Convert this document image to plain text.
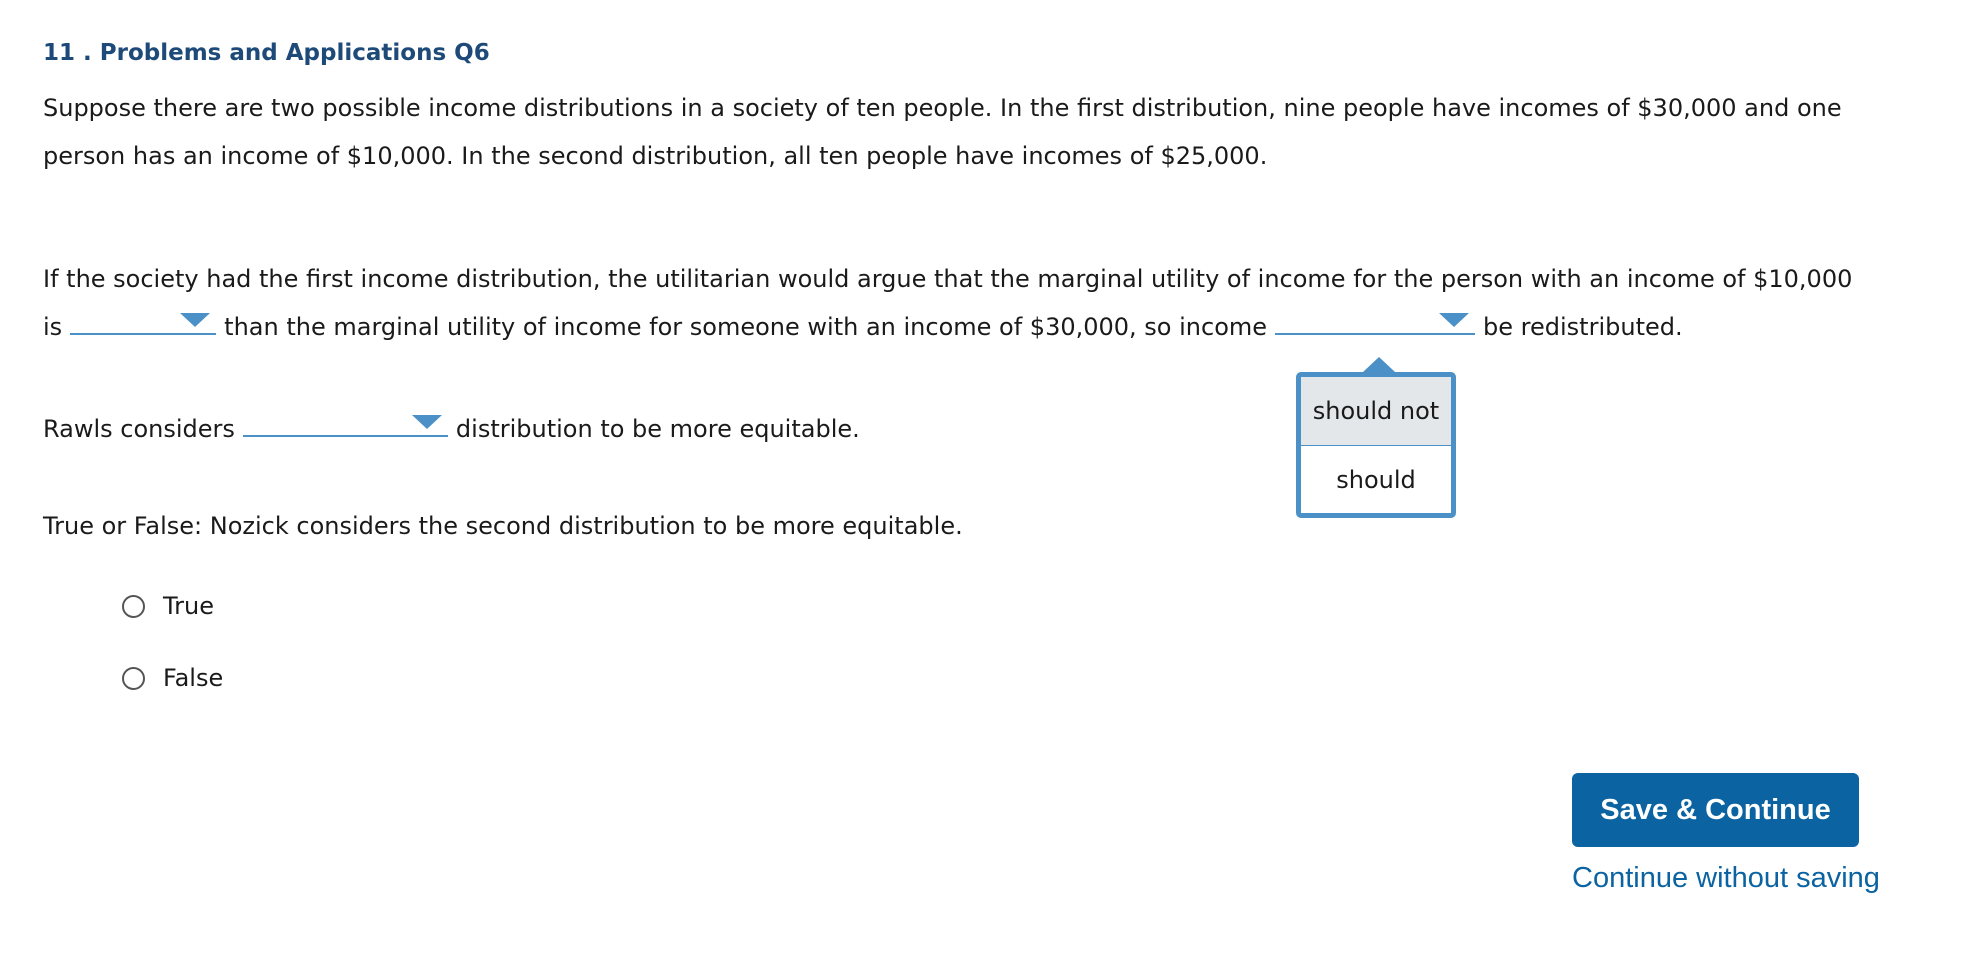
11 . Problems and Applications Q6

Suppose there are two possible income distributions in a society of ten people. In the first distribution, nine people have incomes of $30,000 and one
person has an income of $10,000. In the second distribution, all ten people have incomes of $25,000.

If the society had the first income distribution, the utilitarian would argue that the marginal utility of income for the person with an income of $10,000
is	than the marginal utility of income for someone with an income of $30,000, so income	be redistributed.
should not
should
Rawls considers	distribution to be more equitable.
True or False: Nozick considers the second distribution to be more equitable.
True
False
Save & Continue
Continue without saving
